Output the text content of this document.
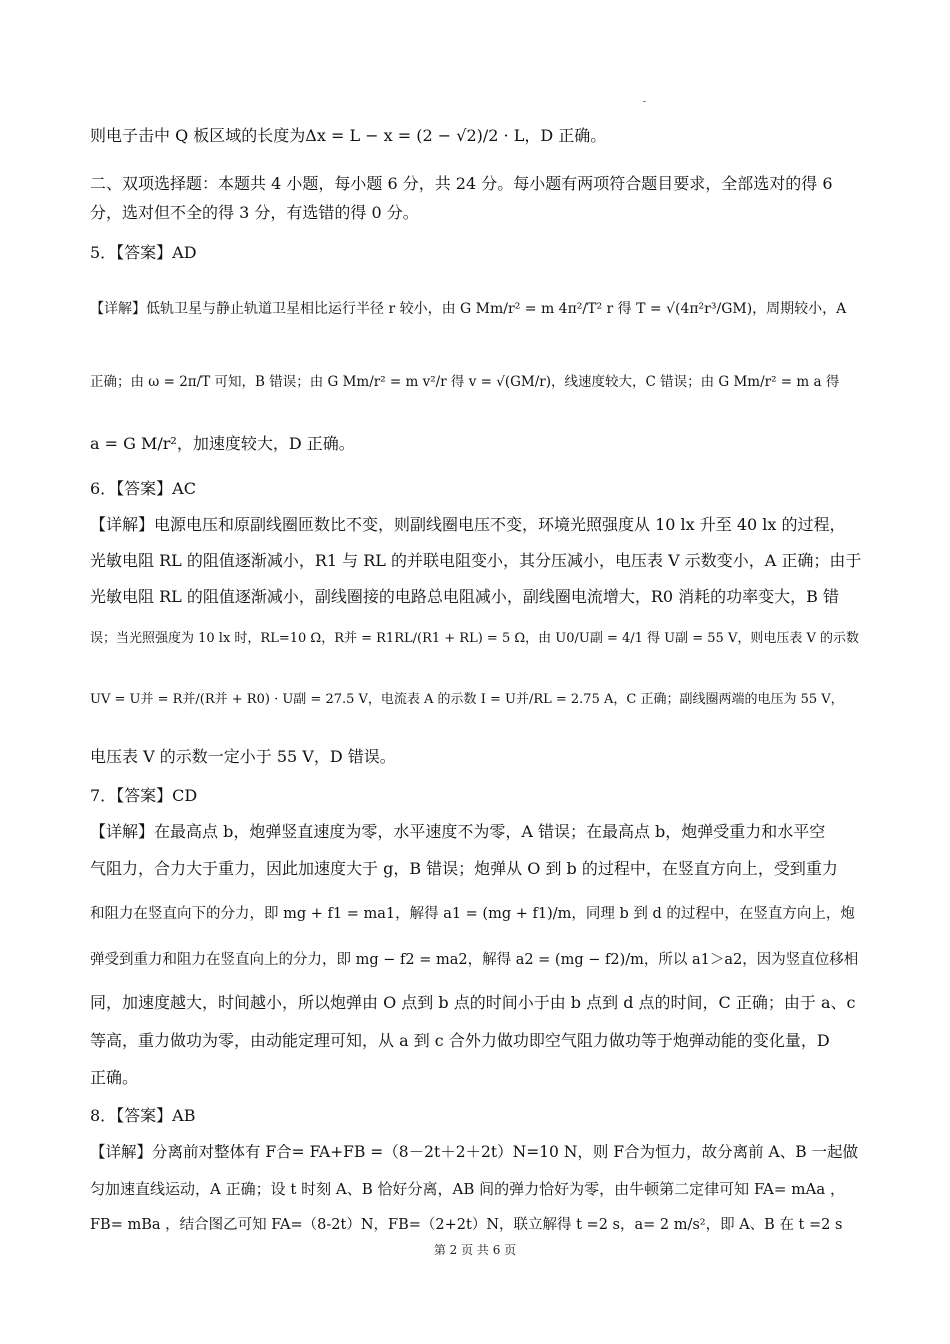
则电子击中 Q 板区域的长度为Δx = L − x = (2 − √2)/2 · L，D 正确。
二、双项选择题：本题共 4 小题，每小题 6 分，共 24 分。每小题有两项符合题目要求，全部选对的得 6
分，选对但不全的得 3 分，有选错的得 0 分。
5．【答案】AD
【详解】低轨卫星与静止轨道卫星相比运行半径 r 较小，由 G Mm/r² = m 4π²/T² r 得 T = √(4π²r³/GM)，周期较小，A
正确；由 ω = 2π/T 可知，B 错误；由 G Mm/r² = m v²/r 得 v = √(GM/r)，线速度较大，C 错误；由 G Mm/r² = m a 得
a = G M/r²，加速度较大，D 正确。
6．【答案】AC
【详解】电源电压和原副线圈匝数比不变，则副线圈电压不变，环境光照强度从 10 lx 升至 40 lx 的过程，
光敏电阻 RL 的阻值逐渐减小，R1 与 RL 的并联电阻变小，其分压减小，电压表 V 示数变小，A 正确；由于
光敏电阻 RL 的阻值逐渐减小，副线圈接的电路总电阻减小，副线圈电流增大，R0 消耗的功率变大，B 错
误；当光照强度为 10 lx 时，RL=10 Ω，R并 = R1RL/(R1 + RL) = 5 Ω，由 U0/U副 = 4/1 得 U副 = 55 V，则电压表 V 的示数
UV = U并 = R并/(R并 + R0) · U副 = 27.5 V，电流表 A 的示数 I = U并/RL = 2.75 A，C 正确；副线圈两端的电压为 55 V，
电压表 V 的示数一定小于 55 V，D 错误。
7．【答案】CD
【详解】在最高点 b，炮弹竖直速度为零，水平速度不为零，A 错误；在最高点 b，炮弹受重力和水平空
气阻力，合力大于重力，因此加速度大于 g，B 错误；炮弹从 O 到 b 的过程中，在竖直方向上，受到重力
和阻力在竖直向下的分力，即 mg + f1 = ma1，解得 a1 = (mg + f1)/m，同理 b 到 d 的过程中，在竖直方向上，炮
弹受到重力和阻力在竖直向上的分力，即 mg − f2 = ma2，解得 a2 = (mg − f2)/m，所以 a1＞a2，因为竖直位移相
同，加速度越大，时间越小，所以炮弹由 O 点到 b 点的时间小于由 b 点到 d 点的时间，C 正确；由于 a、c
等高，重力做功为零，由动能定理可知，从 a 到 c 合外力做功即空气阻力做功等于炮弹动能的变化量，D
正确。
8．【答案】AB
【详解】分离前对整体有 F合= FA+FB =（8－2t＋2＋2t）N=10 N，则 F合为恒力，故分离前 A、B 一起做
匀加速直线运动，A 正确；设 t 时刻 A、B 恰好分离，AB 间的弹力恰好为零，由牛顿第二定律可知 FA= mAa ，
FB= mBa ，结合图乙可知 FA=（8-2t）N，FB=（2+2t）N，联立解得 t =2 s，a= 2 m/s²，即 A、B 在 t =2 s
第 2 页 共 6 页
